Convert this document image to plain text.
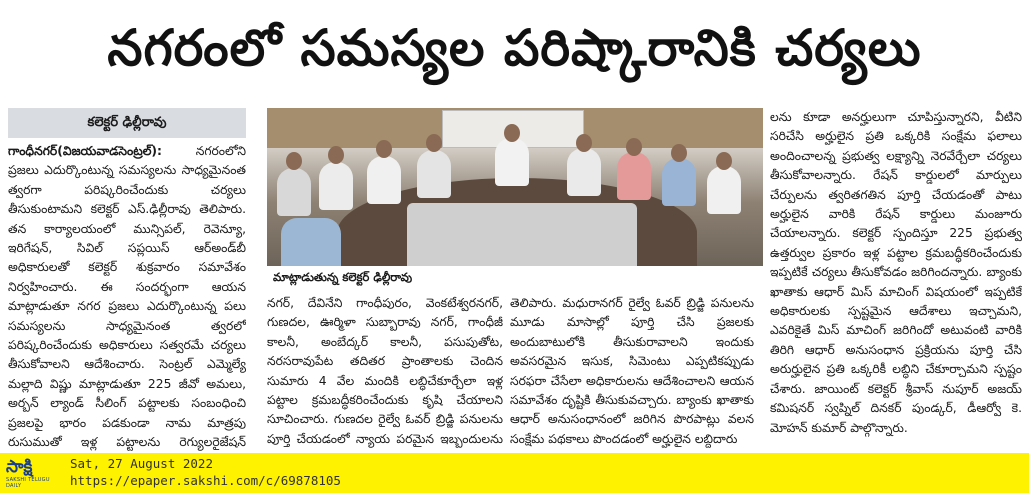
నగరంలో సమస్యల పరిష్కారానికి చర్యలు
కలెక్టర్ ఢిల్లీరావు

గాంధీనగర్(విజయవాడసెంట్రల్):	నగరంలోని ప్రజలు ఎదుర్కొంటున్న సమస్యలను సాధ్యమైనంత త్వరగా పరిష్కరించేందుకు చర్యలు తీసుకుంటామని కలెక్టర్ ఎస్.ఢిల్లీరావు తెలిపారు. తన కార్యాలయంలో మున్సిపల్, రెవెన్యూ, ఇరిగేషన్, సివిల్ సప్లయిస్ ఆర్‌అండ్‌బీ అధికారులతో కలెక్టర్ శుక్రవారం సమావేశం నిర్వహించారు. ఈ సందర్భంగా ఆయన మాట్లాడుతూ నగర ప్రజలు ఎదుర్కొంటున్న పలు సమస్యలను సాధ్యమైనంత త్వరలో పరిష్కరించేందుకు అధికారులు సత్వరమే చర్యలు తీసుకోవాలని ఆదేశించారు. సెంట్రల్ ఎమ్మెల్యే మల్లాది విష్ణు మాట్లాడుతూ 225 జీవో అమలు, అర్బన్ ల్యాండ్ సీలింగ్ పట్టాలకు సంబంధించి ప్రజలపై భారం పడకుండా నామ మాత్రపు రుసుముతో ఇళ్ల పట్టాలను రెగ్యులరైజేషన్

మాట్లాడుతున్న కలెక్టర్ ఢిల్లీరావు

నగర్, దేవినేని గాంధీపురం, వెంకటేశ్వరనగర్, గుణదల, ఊర్మిళా సుబ్బారావు నగర్, గాంధీజీ కాలనీ, అంబేద్కర్ కాలనీ, పసుపుతోట, నరసరావుపేట తదితర ప్రాంతాలకు చెందిన సుమారు 4 వేల మందికి లబ్ధిచేకూర్చేలా ఇళ్ల పట్టాల క్రమబద్ధీకరించేందుకు కృషి చేయాలని సూచించారు. గుణదల రైల్వే ఓవర్ బ్రిడ్జి పనులను పూర్తి చేయడంలో న్యాయ పరమైన ఇబ్బందులను

తెలిపారు. మధురానగర్ రైల్వే ఓవర్ బ్రిడ్జి పనులను మూడు మాసాల్లో పూర్తి చేసి ప్రజలకు అందుబాటులోకి తీసుకురావాలని ఇందుకు అవసరమైన ఇసుక, సిమెంటు ఎప్పటికప్పుడు సరఫరా చేసేలా అధికారులను ఆదేశించాలని ఆయన సమావేశం దృష్టికి తీసుకువచ్చారు. బ్యాంకు ఖాతాకు ఆధార్ అనుసంధానంలో జరిగిన పొరపాట్లు వలన సంక్షేమ పథకాలు పొందడంలో అర్హులైన లబ్దిదారు

లను కూడా అనర్హులుగా చూపిస్తున్నారని, వీటిని సరిచేసి అర్హులైన ప్రతి ఒక్కరికి సంక్షేమ ఫలాలు అందించాలన్న ప్రభుత్వ లక్ష్యాన్ని నెరవేర్చేలా చర్యలు తీసుకోవాలన్నారు. రేషన్ కార్డులలో మార్పులు చేర్పులను త్వరితగతిన పూర్తి చేయడంతో పాటు అర్హులైన వారికి రేషన్ కార్డులు మంజూరు చేయాలన్నారు. కలెక్టర్ స్పందిస్తూ 225 ప్రభుత్వ ఉత్తర్వుల ప్రకారం ఇళ్ల పట్టాల క్రమబద్ధీకరించేందుకు ఇప్పటికే చర్యలు తీసుకోవడం జరిగిందన్నారు. బ్యాంకు ఖాతాకు ఆధార్ మిస్ మాచింగ్ విషయంలో ఇప్పటికే అధికారులకు స్పష్టమైన ఆదేశాలు ఇచ్చామని, ఎవరికైతే మిస్ మాచింగ్ జరిగిందో అటువంటి వారికి తిరిగి ఆధార్ అనుసంధాన ప్రక్రియను పూర్తి చేసి అరుర్హులైన ప్రతి ఒక్కరికీ లబ్ధిని చేకూర్చామని స్పష్టం చేశారు. జాయింట్ కలెక్టర్ శ్రీవాస్ నుపూర్ అజయ్ కమిషనర్ స్వప్నిల్ దినకర్ పుండ్కర్, డీఆర్వో కె. మోహన్ కుమార్ పాల్గొన్నారు.

సాక్షి
SAKSHI TELUGU DAILY
Sat, 27 August 2022
https://epaper.sakshi.com/c/69878105
